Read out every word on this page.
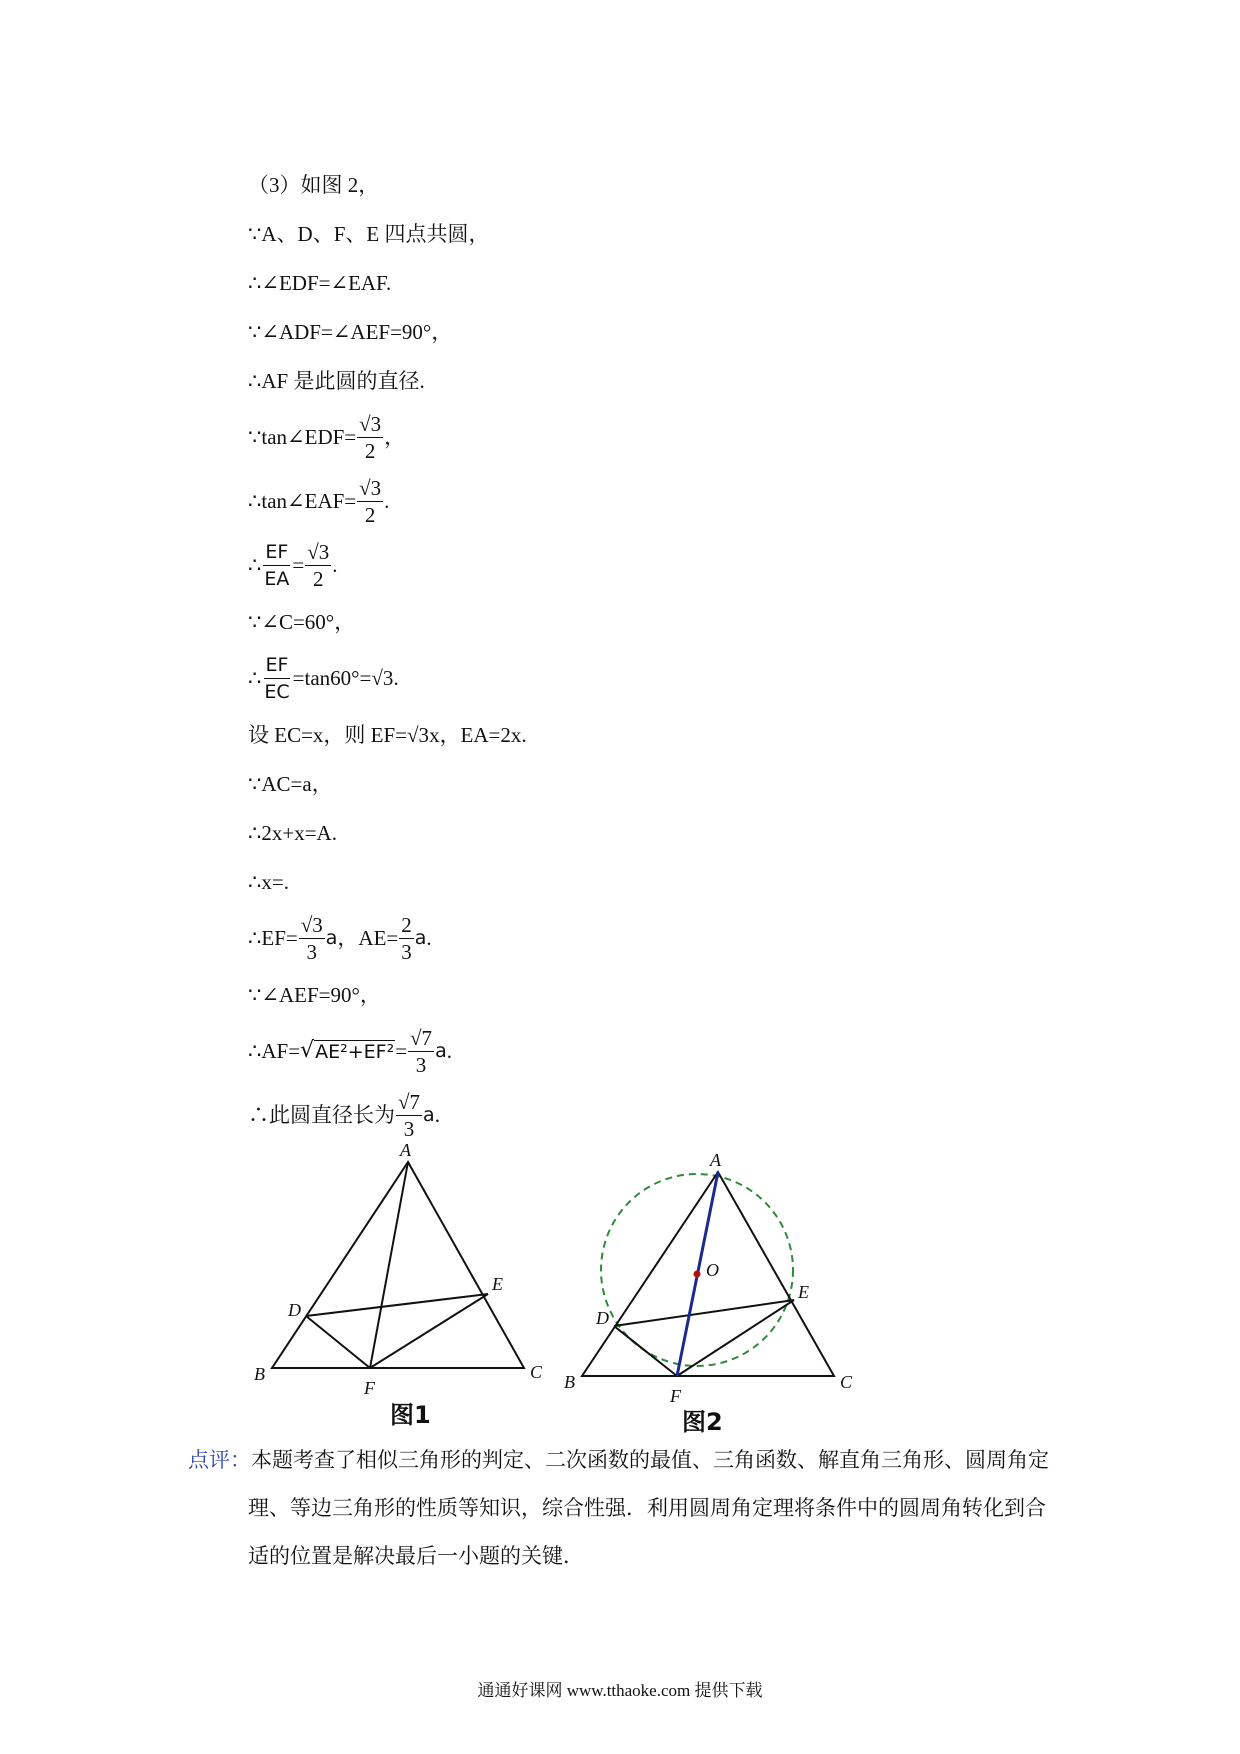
（3）如图 2，
∵A、D、F、E 四点共圆，
∴∠EDF=∠EAF.
∵∠ADF=∠AEF=90°，
∴AF 是此圆的直径.
∵tan∠EDF= $\frac{√3}{2}$ ，
∴tan∠EAF= $\frac{√3}{2}$ .
∴ $\frac{EF}{EA} = \frac{√3}{2}$ .
∵∠C=60°，
∴ $\frac{EF}{EC} =\tan 60^\circ= √3$ .
设 EC=x，则 EF= √3 x，EA=2x.
∵AC=a，
∴2x+x=A.
∴x=.
∴EF= $\frac{√3}{3}$ a ，$AE= \frac{2}{3}$ a .
∵∠AEF=90°，
∴AF= √ $AE^2+EF^2 = \frac{√7}{3}$ a .
∴此圆直径长为 $\frac{√7}{3}$ a .
A
B	C
D
E
F
A
B	C
D
E
F
O
图1	图2
点评：本题考查了相似三角形的判定、二次函数的最值、三角函数、解直角三角形、圆周角定
理、等边三角形的性质等知识，综合性强．利用圆周角定理将条件中的圆周角转化到合
适的位置是解决最后一小题的关键．
通通好课网 www.tthaoke.com 提供下载
